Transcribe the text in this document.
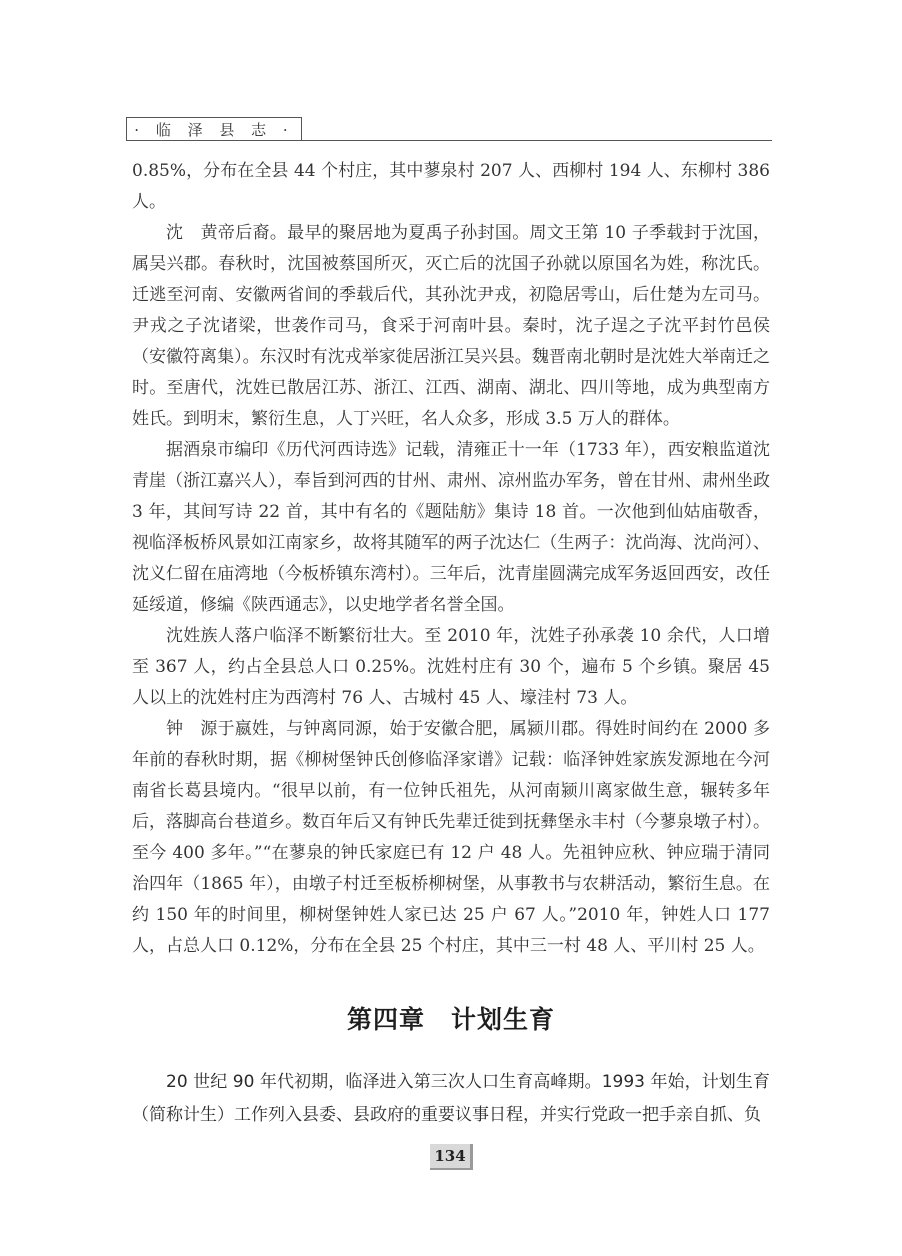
· 临 泽 县 志 ·

0.85%，分布在全县 44 个村庄，其中蓼泉村 207 人、西柳村 194 人、东柳村 386 人。

沈　黄帝后裔。最早的聚居地为夏禹子孙封国。周文王第 10 子季载封于沈国，属吴兴郡。春秋时，沈国被蔡国所灭，灭亡后的沈国子孙就以原国名为姓，称沈氏。迁逃至河南、安徽两省间的季载后代，其孙沈尹戎，初隐居雩山，后仕楚为左司马。尹戎之子沈诸梁，世袭作司马，食采于河南叶县。秦时，沈子逞之子沈平封竹邑侯（安徽符离集）。东汉时有沈戎举家徙居浙江吴兴县。魏晋南北朝时是沈姓大举南迁之时。至唐代，沈姓已散居江苏、浙江、江西、湖南、湖北、四川等地，成为典型南方姓氏。到明末，繁衍生息，人丁兴旺，名人众多，形成 3.5 万人的群体。

据酒泉市编印《历代河西诗选》记载，清雍正十一年（1733 年），西安粮监道沈青崖（浙江嘉兴人），奉旨到河西的甘州、肃州、凉州监办军务，曾在甘州、肃州坐政 3 年，其间写诗 22 首，其中有名的《题陆舫》集诗 18 首。一次他到仙姑庙敬香，视临泽板桥风景如江南家乡，故将其随军的两子沈达仁（生两子：沈尚海、沈尚河）、沈义仁留在庙湾地（今板桥镇东湾村）。三年后，沈青崖圆满完成军务返回西安，改任延绥道，修编《陕西通志》，以史地学者名誉全国。

沈姓族人落户临泽不断繁衍壮大。至 2010 年，沈姓子孙承袭 10 余代，人口增至 367 人，约占全县总人口 0.25%。沈姓村庄有 30 个，遍布 5 个乡镇。聚居 45 人以上的沈姓村庄为西湾村 76 人、古城村 45 人、壕洼村 73 人。

钟　源于嬴姓，与钟离同源，始于安徽合肥，属颍川郡。得姓时间约在 2000 多年前的春秋时期，据《柳树堡钟氏创修临泽家谱》记载：临泽钟姓家族发源地在今河南省长葛县境内。“很早以前，有一位钟氏祖先，从河南颍川离家做生意，辗转多年后，落脚高台巷道乡。数百年后又有钟氏先辈迁徙到抚彝堡永丰村（今蓼泉墩子村）。至今 400 多年。”“在蓼泉的钟氏家庭已有 12 户 48 人。先祖钟应秋、钟应瑞于清同治四年（1865 年），由墩子村迁至板桥柳树堡，从事教书与农耕活动，繁衍生息。在约 150 年的时间里，柳树堡钟姓人家已达 25 户 67 人。”2010 年，钟姓人口 177 人，占总人口 0.12%，分布在全县 25 个村庄，其中三一村 48 人、平川村 25 人。

第四章　计划生育

20 世纪 90 年代初期，临泽进入第三次人口生育高峰期。1993 年始，计划生育（简称计生）工作列入县委、县政府的重要议事日程，并实行党政一把手亲自抓、负

134
